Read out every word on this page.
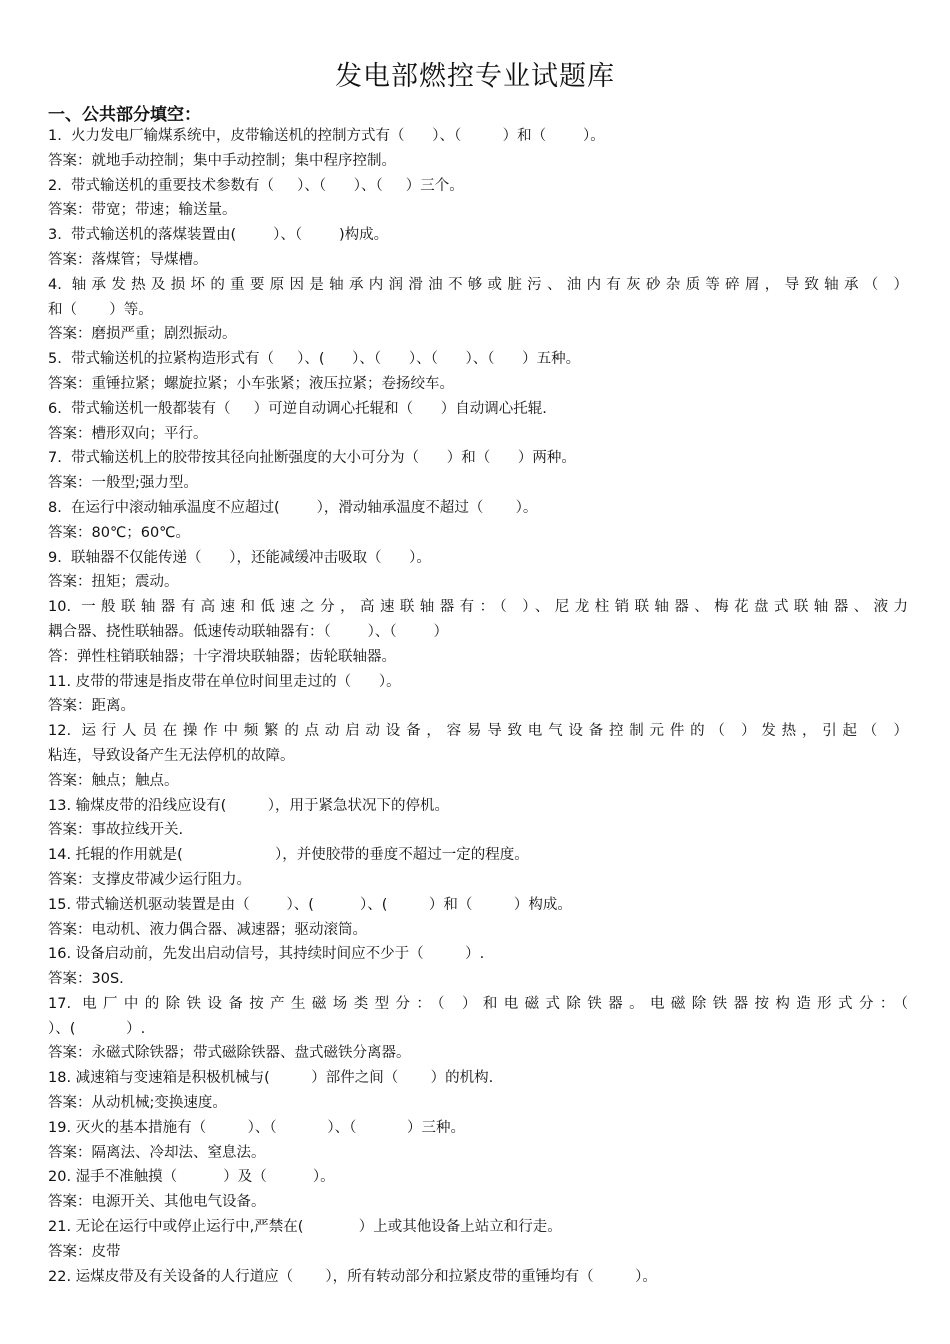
发电部燃控专业试题库
一、公共部分填空：
1.  火力发电厂输煤系统中，皮带输送机的控制方式有（      ）、（         ）和（        ）。
答案：就地手动控制；集中手动控制；集中程序控制。
2.  带式输送机的重要技术参数有（     ）、（      ）、（     ）三个。
答案：带宽；带速；输送量。
3.  带式输送机的落煤装置由(        ）、（        )构成。
答案：落煤管；导煤槽。
4. 轴承发热及损坏的重要原因是轴承内润滑油不够或脏污、油内有灰砂杂质等碎屑，导致轴承（ ）
和（       ）等。
答案：磨损严重；剧烈振动。
5.  带式输送机的拉紧构造形式有（     ）、(      ）、（      ）、（      ）、（      ）五种。
答案：重锤拉紧；螺旋拉紧；小车张紧；液压拉紧；卷扬绞车。
6.  带式输送机一般都装有（     ）可逆自动调心托辊和（      ）自动调心托辊.
答案：槽形双向；平行。
7.  带式输送机上的胶带按其径向扯断强度的大小可分为（      ）和（      ）两种。
答案：一般型;强力型。
8.  在运行中滚动轴承温度不应超过(        ），滑动轴承温度不超过（       ）。
答案：80℃；60℃。
9.  联轴器不仅能传递（      ），还能减缓冲击吸取（      ）。
答案：扭矩；震动。
10. 一般联轴器有高速和低速之分，高速联轴器有：（ ）、尼龙柱销联轴器、梅花盘式联轴器、液力
耦合器、挠性联轴器。低速传动联轴器有：（        ）、（        ）
答：弹性柱销联轴器；十字滑块联轴器；齿轮联轴器。
11. 皮带的带速是指皮带在单位时间里走过的（      ）。
答案：距离。
12. 运行人员在操作中频繁的点动启动设备，容易导致电气设备控制元件的（ ）发热，引起（ ）
粘连，导致设备产生无法停机的故障。
答案：触点；触点。
13. 输煤皮带的沿线应设有(         ），用于紧急状况下的停机。
答案：事故拉线开关.
14. 托辊的作用就是(                    ），并使胶带的垂度不超过一定的程度。
答案：支撑皮带减少运行阻力。
15. 带式输送机驱动装置是由（        ）、(          ）、(         ）和（         ）构成。
答案：电动机、液力偶合器、减速器；驱动滚筒。
16. 设备启动前，先发出启动信号，其持续时间应不少于（         ）.
答案：30S.
17. 电厂中的除铁设备按产生磁场类型分：（ ）和电磁式除铁器。电磁除铁器按构造形式分：（
）、(           ）.
答案：永磁式除铁器；带式磁除铁器、盘式磁铁分离器。
18. 减速箱与变速箱是积极机械与(         ）部件之间（       ）的机构.
答案：从动机械;变换速度。
19. 灭火的基本措施有（         ）、（           ）、（           ）三种。
答案：隔离法、冷却法、窒息法。
20. 湿手不准触摸（          ）及（          ）。
答案：电源开关、其他电气设备。
21. 无论在运行中或停止运行中,严禁在(            ）上或其他设备上站立和行走。
答案：皮带
22. 运煤皮带及有关设备的人行道应（       ），所有转动部分和拉紧皮带的重锤均有（         ）。
